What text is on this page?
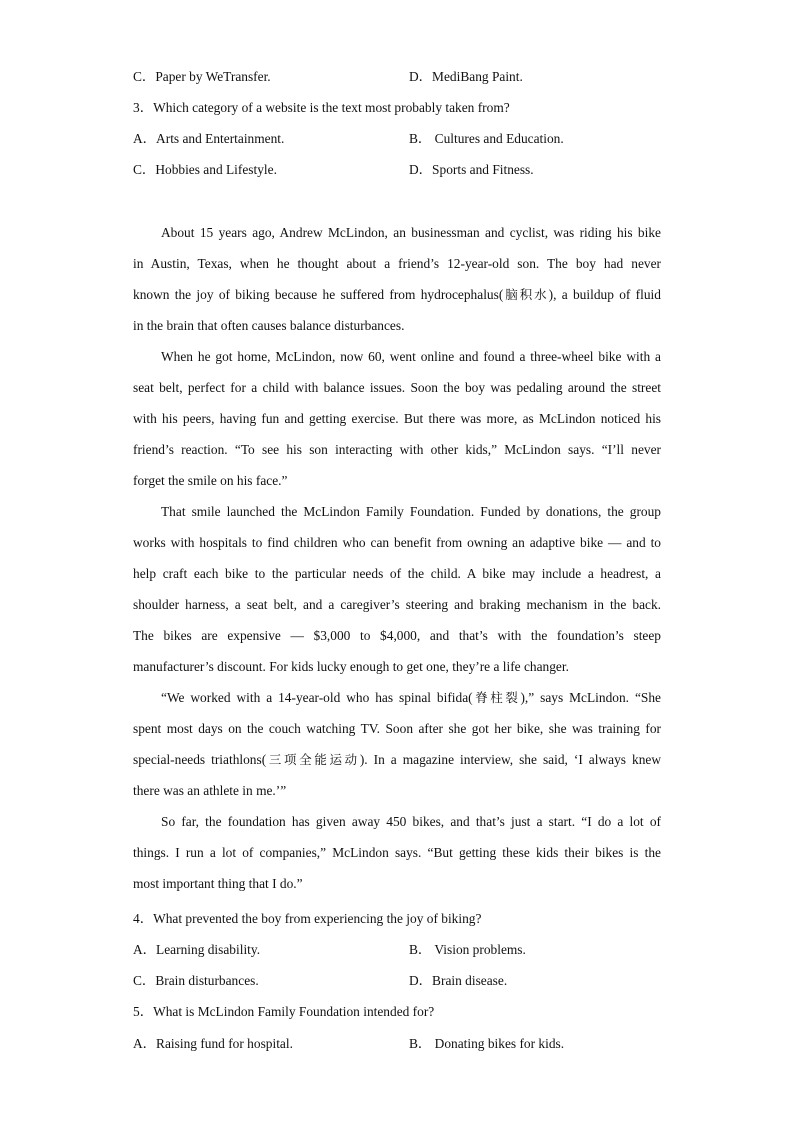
C．Paper by WeTransfer.	D．MediBang Paint.
3．Which category of a website is the text most probably taken from?
A．Arts and Entertainment.	B． Cultures and Education.
C．Hobbies and Lifestyle.	D．Sports and Fitness.

About 15 years ago, Andrew McLindon, an businessman and cyclist, was riding his bike

in Austin, Texas, when he thought about a friend’s 12-year-old son. The boy had never

known the joy of biking because he suffered from hydrocephalus(脑积水), a buildup of fluid

in the brain that often causes balance disturbances.

When he got home, McLindon, now 60, went online and found a three-wheel bike with a

seat belt, perfect for a child with balance issues. Soon the boy was pedaling around the street

with his peers, having fun and getting exercise. But there was more, as McLindon noticed his

friend’s reaction. “To see his son interacting with other kids,” McLindon says. “I’ll never

forget the smile on his face.”

That smile launched the McLindon Family Foundation. Funded by donations, the group

works with hospitals to find children who can benefit from owning an adaptive bike — and to

help craft each bike to the particular needs of the child. A bike may include a headrest, a

shoulder harness, a seat belt, and a caregiver’s steering and braking mechanism in the back.

The bikes are expensive — $3,000 to $4,000, and that’s with the foundation’s steep

manufacturer’s discount. For kids lucky enough to get one, they’re a life changer.

“We worked with a 14-year-old who has spinal bifida(脊柱裂),” says McLindon. “She

spent most days on the couch watching TV. Soon after she got her bike, she was training for

special-needs triathlons(三项全能运动). In a magazine interview, she said, ‘I always knew

there was an athlete in me.’”

So far, the foundation has given away 450 bikes, and that’s just a start. “I do a lot of

things. I run a lot of companies,” McLindon says. “But getting these kids their bikes is the

most important thing that I do.”

4．What prevented the boy from experiencing the joy of biking?
A．Learning disability.	B． Vision problems.
C．Brain disturbances.	D．Brain disease.
5．What is McLindon Family Foundation intended for?
A．Raising fund for hospital.	B． Donating bikes for kids.
